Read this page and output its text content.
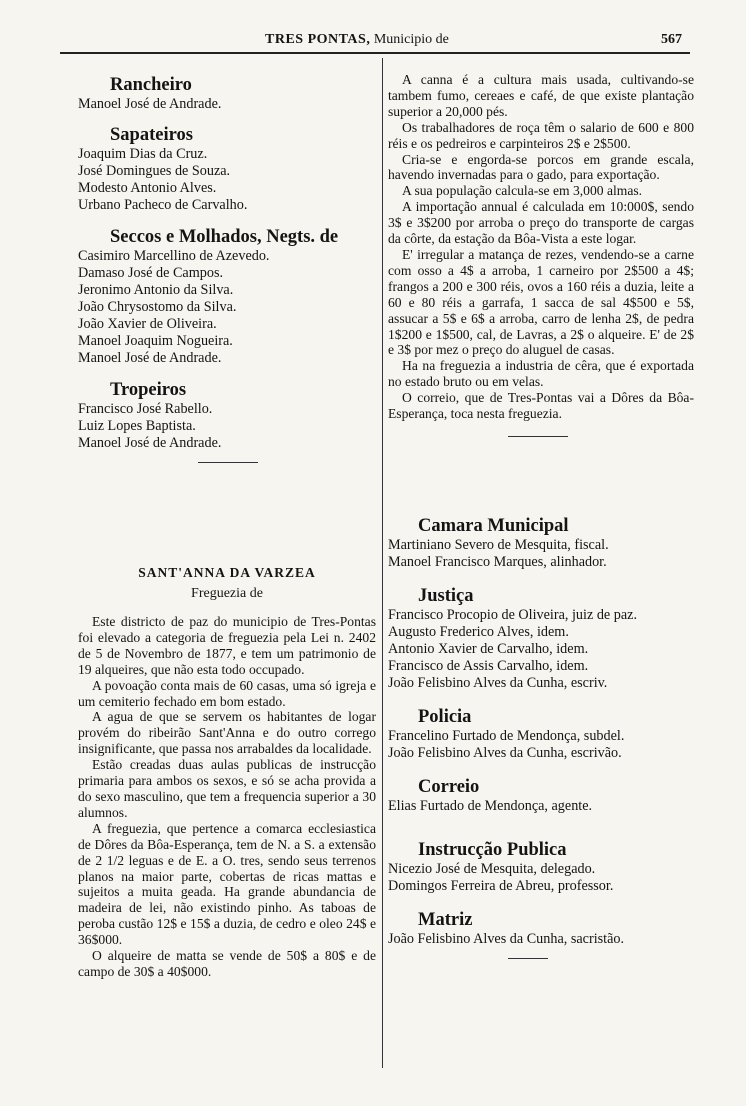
TRES PONTAS, Municipio de	567
Rancheiro
Manoel José de Andrade.
Sapateiros
Joaquim Dias da Cruz.
José Domingues de Souza.
Modesto Antonio Alves.
Urbano Pacheco de Carvalho.
Seccos e Molhados, Negts. de
Casimiro Marcellino de Azevedo.
Damaso José de Campos.
Jeronimo Antonio da Silva.
João Chrysostomo da Silva.
João Xavier de Oliveira.
Manoel Joaquim Nogueira.
Manoel José de Andrade.
Tropeiros
Francisco José Rabello.
Luiz Lopes Baptista.
Manoel José de Andrade.
SANT'ANNA DA VARZEA
Freguezia de

Este districto de paz do municipio de Tres-Pontas foi elevado a categoria de freguezia pela Lei n. 2402 de 5 de Novembro de 1877, e tem um patrimonio de 19 alqueires, que não esta todo occupado.

A povoação conta mais de 60 casas, uma só igreja e um cemiterio fechado em bom estado.

A agua de que se servem os habitantes de logar provém do ribeirão Sant'Anna e do outro corrego insignificante, que passa nos arrabaldes da localidade.

Estão creadas duas aulas publicas de instrucção primaria para ambos os sexos, e só se acha provida a do sexo masculino, que tem a frequencia superior a 30 alumnos.

A freguezia, que pertence a comarca ecclesiastica de Dôres da Bôa-Esperança, tem de N. a S. a extensão de 2 1/2 leguas e de E. a O. tres, sendo seus terrenos planos na maior parte, cobertas de ricas mattas e sujeitos a muita geada. Ha grande abundancia de madeira de lei, não existindo pinho. As taboas de peroba custão 12$ e 15$ a duzia, de cedro e oleo 24$ e 36$000.

O alqueire de matta se vende de 50$ a 80$ e de campo de 30$ a 40$000.

A canna é a cultura mais usada, cultivando-se tambem fumo, cereaes e café, de que existe plantação superior a 20,000 pés.

Os trabalhadores de roça têm o salario de 600 e 800 réis e os pedreiros e carpinteiros 2$ e 2$500.

Cria-se e engorda-se porcos em grande escala, havendo invernadas para o gado, para exportação.

A sua população calcula-se em 3,000 almas.

A importação annual é calculada em 10:000$, sendo 3$ e 3$200 por arroba o preço do transporte de cargas da côrte, da estação da Bôa-Vista a este logar.

E' irregular a matança de rezes, vendendo-se a carne com osso a 4$ a arroba, 1 carneiro por 2$500 a 4$; frangos a 200 e 300 réis, ovos a 160 réis a duzia, leite a 60 e 80 réis a garrafa, 1 sacca de sal 4$500 e 5$, assucar a 5$ e 6$ a arroba, carro de lenha 2$, de pedra 1$200 e 1$500, cal, de Lavras, a 2$ o alqueire. E' de 2$ e 3$ por mez o preço do aluguel de casas.

Ha na freguezia a industria de cêra, que é exportada no estado bruto ou em velas.

O correio, que de Tres-Pontas vai a Dôres da Bôa-Esperança, toca nesta freguezia.

Camara Municipal
Martiniano Severo de Mesquita, fiscal.
Manoel Francisco Marques, alinhador.
Justiça
Francisco Procopio de Oliveira, juiz de paz.
Augusto Frederico Alves, idem.
Antonio Xavier de Carvalho, idem.
Francisco de Assis Carvalho, idem.
João Felisbino Alves da Cunha, escriv.
Policia
Francelino Furtado de Mendonça, subdel.
João Felisbino Alves da Cunha, escrivão.
Correio
Elias Furtado de Mendonça, agente.
Instrucção Publica
Nicezio José de Mesquita, delegado.
Domingos Ferreira de Abreu, professor.
Matriz
João Felisbino Alves da Cunha, sacristão.
